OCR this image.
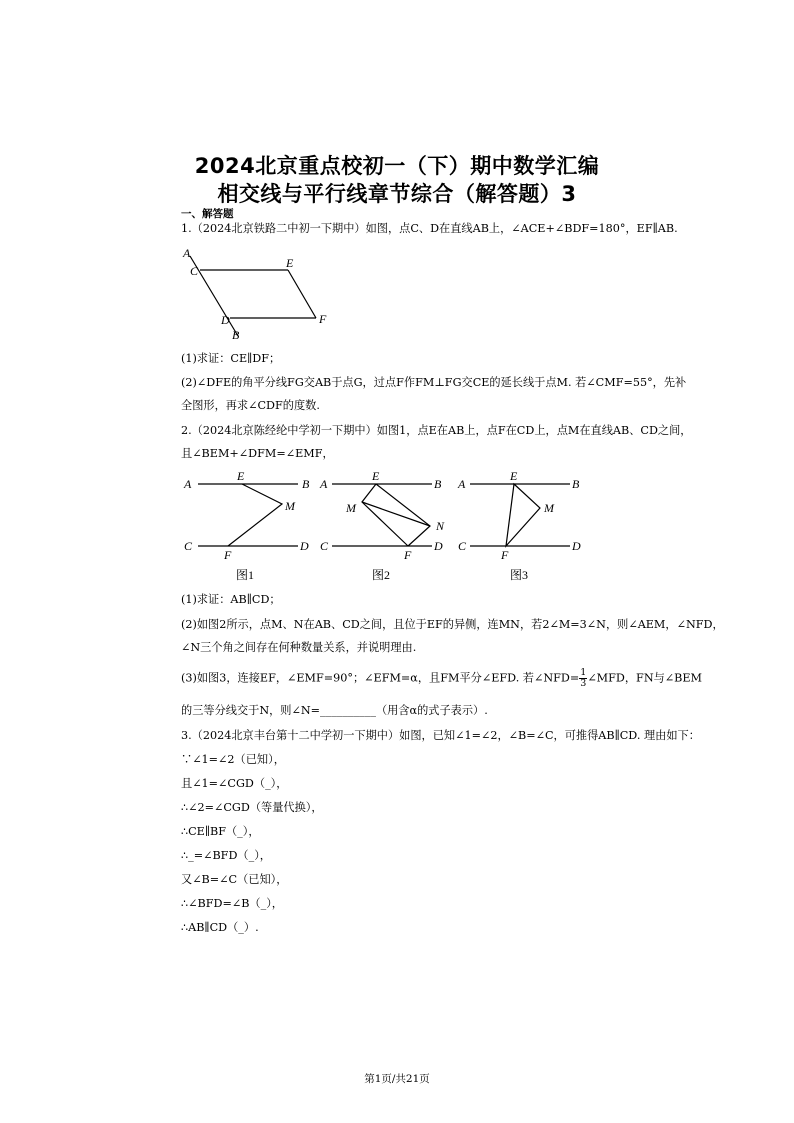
2024北京重点校初一（下）期中数学汇编
相交线与平行线章节综合（解答题）3
一、解答题
1.（2024北京铁路二中初一下期中）如图，点C、D在直线AB上，∠ACE+∠BDF=180°，EF∥AB.
A
C
E
D
B
F
(1)求证：CE∥DF；
(2)∠DFE的角平分线FG交AB于点G，过点F作FM⊥FG交CE的延长线于点M. 若∠CMF=55°，先补
全图形，再求∠CDF的度数.
2.（2024北京陈经纶中学初一下期中）如图1，点E在AB上，点F在CD上，点M在直线AB、CD之间，
且∠BEM+∠DFM=∠EMF，
A
E
B
M
C
F
D
图1
A
E
B
M
N
C
F
D
图2
A
E
B
M
C
F
D
图3
(1)求证：AB∥CD；
(2)如图2所示，点M、N在AB、CD之间，且位于EF的异侧，连MN，若2∠M=3∠N，则∠AEM，∠NFD，
∠N三个角之间存在何种数量关系，并说明理由.
(3)如图3，连接EF，∠EMF=90°；∠EFM=α，且FM平分∠EFD. 若∠NFD= $\frac{1}{3}$ ∠MFD，FN与∠BEM
的三等分线交于N，则∠N=__________（用含α的式子表示）.
3.（2024北京丰台第十二中学初一下期中）如图，已知∠1=∠2，∠B=∠C，可推得AB∥CD. 理由如下：
∵∠1=∠2（已知），
且∠1=∠CGD（_），
∴∠2=∠CGD（等量代换），
∴CE∥BF（_），
∴_=∠BFD（_），
又∠B=∠C（已知），
∴∠BFD=∠B（_），
∴AB∥CD（_）.
第1页/共21页
